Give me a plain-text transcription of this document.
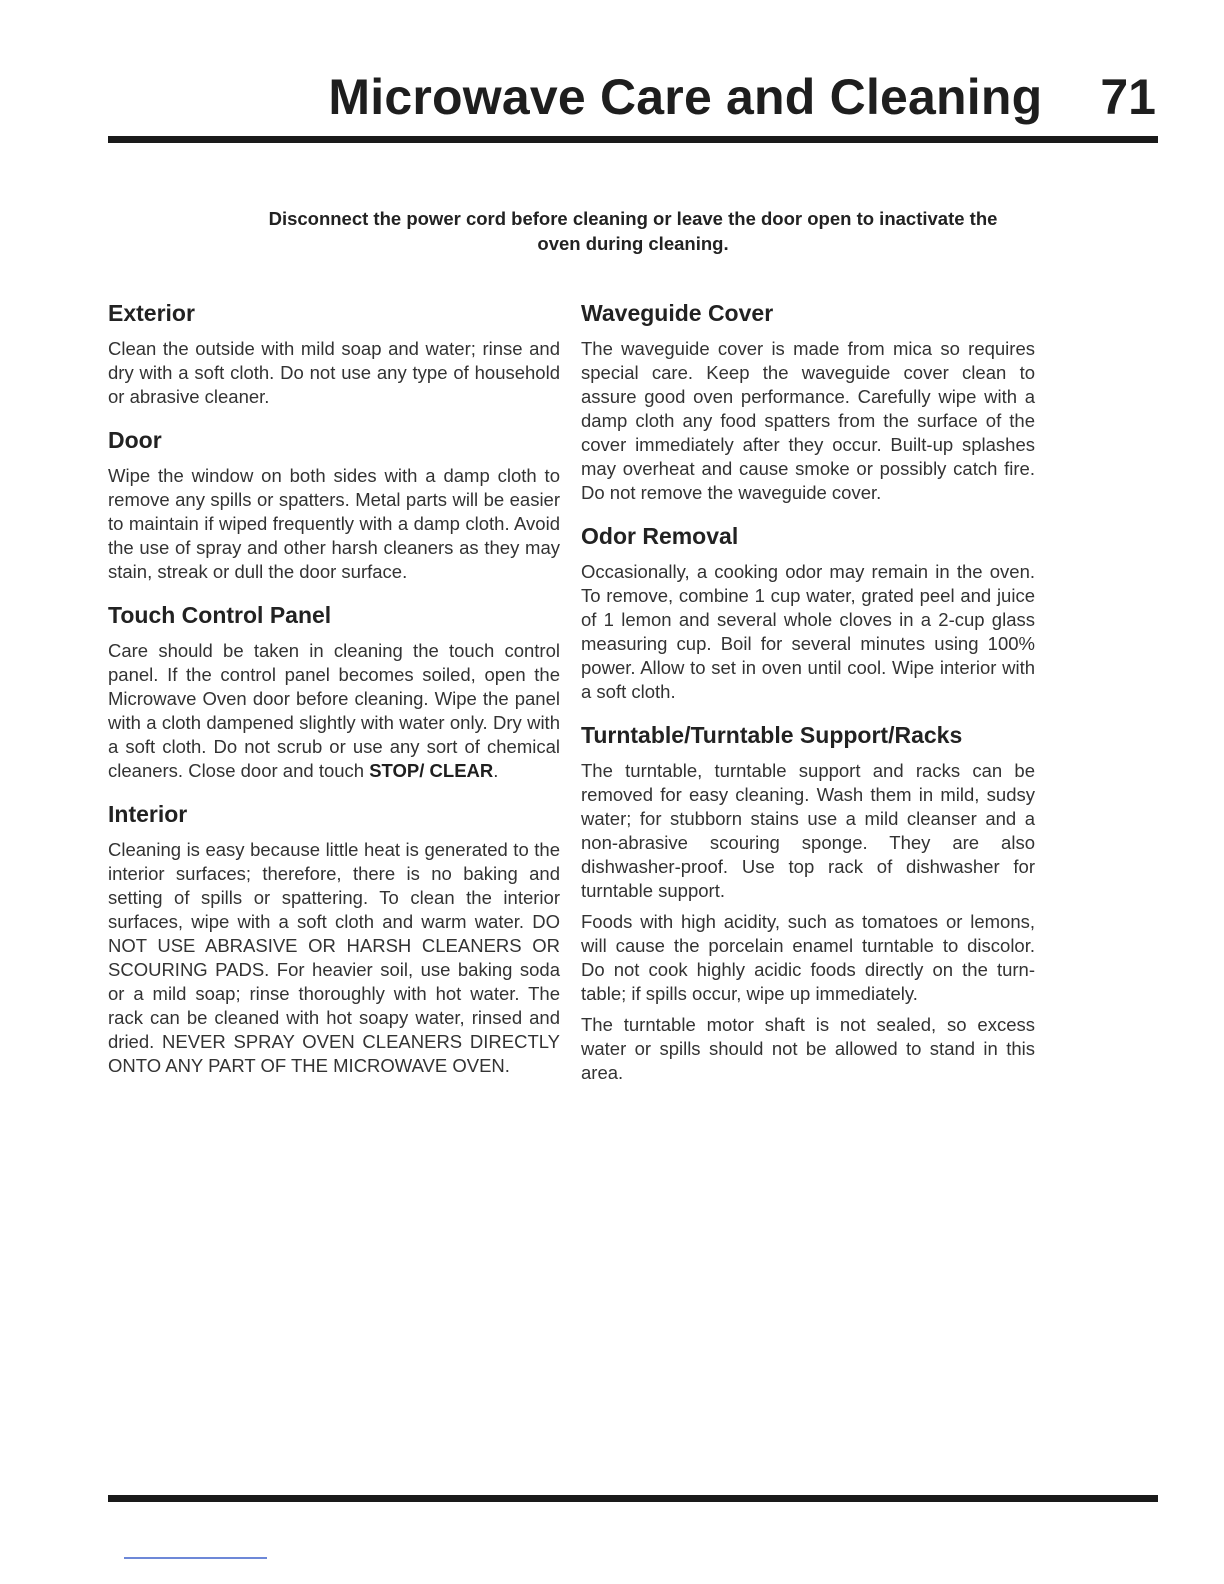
Microwave Care and Cleaning 71
Disconnect the power cord before cleaning or leave the door open to inactivate the
oven during cleaning.
Exterior

Clean the outside with mild soap and water; rinse and dry with a soft cloth. Do not use any type of household or abrasive cleaner.

Door

Wipe the window on both sides with a damp cloth to remove any spills or spatters. Metal parts will be easier to maintain if wiped frequently with a damp cloth. Avoid the use of spray and other harsh cleaners as they may stain, streak or dull the door surface.

Touch Control Panel

Care should be taken in cleaning the touch control panel. If the control panel becomes soiled, open the Microwave Oven door before cleaning. Wipe the panel with a cloth dampened slightly with water only. Dry with a soft cloth. Do not scrub or use any sort of chemical cleaners. Close door and touch STOP/ CLEAR.

Interior

Cleaning is easy because little heat is generated to the interior surfaces; therefore, there is no baking and setting of spills or spattering. To clean the interior surfaces, wipe with a soft cloth and warm water. DO NOT USE ABRASIVE OR HARSH CLEANERS OR SCOURING PADS. For heavier soil, use baking soda or a mild soap; rinse thoroughly with hot water. The rack can be cleaned with hot soapy water, rinsed and dried. NEVER SPRAY OVEN CLEANERS DIRECTLY ONTO ANY PART OF THE MICROWAVE OVEN.

Waveguide Cover

The waveguide cover is made from mica so requires special care. Keep the waveguide cover clean to assure good oven performance. Carefully wipe with a damp cloth any food spatters from the surface of the cover immediately after they occur. Built-up splashes may overheat and cause smoke or possibly catch fire. Do not remove the waveguide cover.

Odor Removal

Occasionally, a cooking odor may remain in the oven. To remove, combine 1 cup water, grated peel and juice of 1 lemon and several whole cloves in a 2-cup glass measuring cup. Boil for several minutes using 100% power. Allow to set in oven until cool. Wipe interior with a soft cloth.

Turntable/Turntable Support/Racks

The turntable, turntable support and racks can be removed for easy cleaning. Wash them in mild, sudsy water; for stubborn stains use a mild cleanser and a non-abrasive scouring sponge. They are also dishwasher-proof. Use top rack of dishwasher for turntable support.

Foods with high acidity, such as tomatoes or lemons, will cause the porcelain enamel turntable to discolor. Do not cook highly acidic foods directly on the turn-table; if spills occur, wipe up immediately.

The turntable motor shaft is not sealed, so excess water or spills should not be allowed to stand in this area.
